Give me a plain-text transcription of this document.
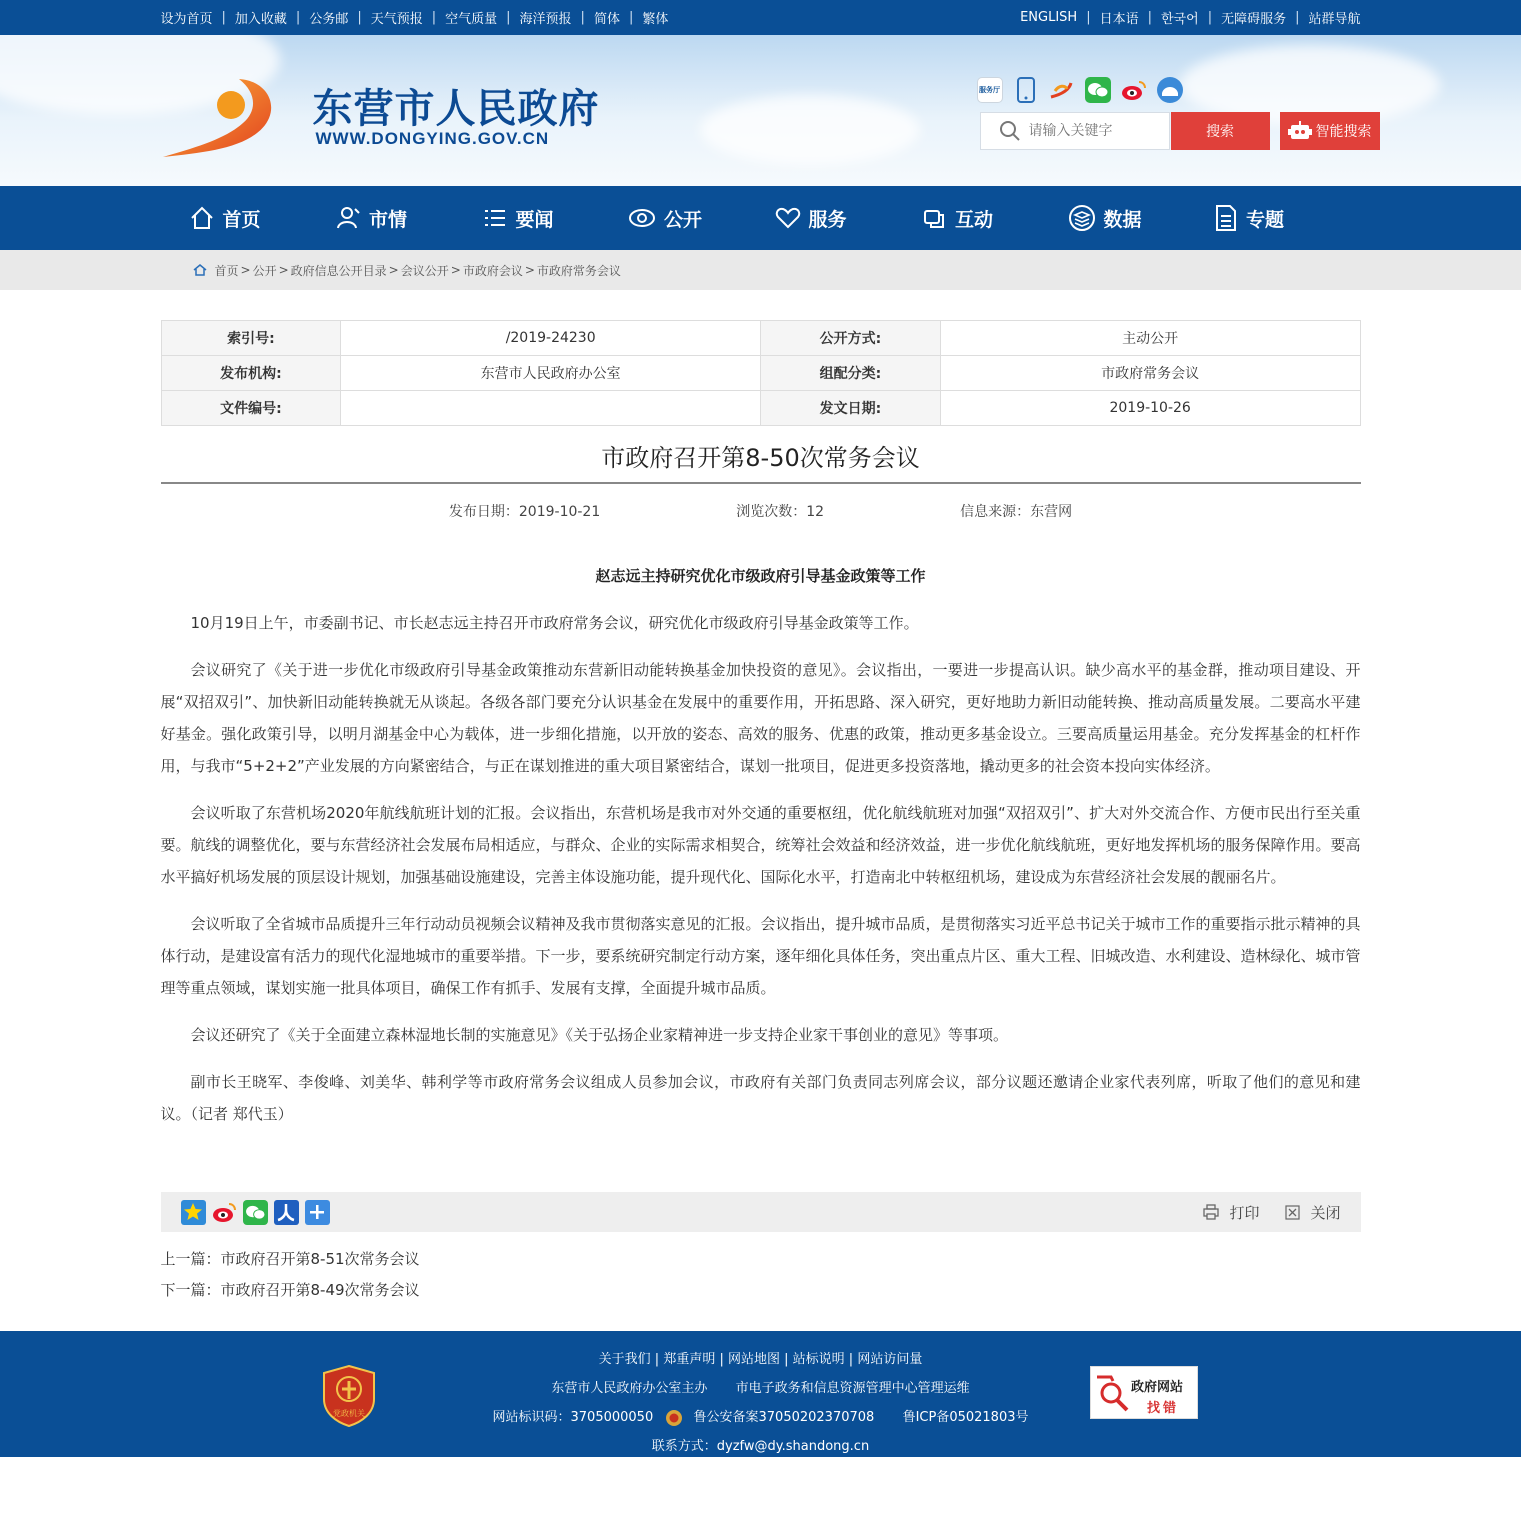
设为首页 | 加入收藏 | 公务邮 | 天气预报 | 空气质量 | 海洋预报 | 简体 | 繁体	ENGLISH | 日本语 | 한국어 | 无障碍服务 | 站群导航
东营市人民政府
WWW.DONGYING.GOV.CN
服务厅
请输入关键字
搜索	智能搜索
首页	市情	要闻	公开	服务	互动	数据	专题
首页 > 公开 > 政府信息公开目录 > 会议公开 > 市政府会议 > 市政府常务会议
索引号:	/2019-24230	公开方式:	主动公开
发布机构:	东营市人民政府办公室	组配分类:	市政府常务会议
文件编号:		发文日期:	2019-10-26
市政府召开第8-50次常务会议
发布日期：2019-10-21	浏览次数：12	信息来源：东营网
赵志远主持研究优化市级政府引导基金政策等工作

10月19日上午，市委副书记、市长赵志远主持召开市政府常务会议，研究优化市级政府引导基金政策等工作。

会议研究了《关于进一步优化市级政府引导基金政策推动东营新旧动能转换基金加快投资的意见》。会议指出，一要进一步提高认识。缺少高水平的基金群，推动项目建设、开展“双招双引”、加快新旧动能转换就无从谈起。各级各部门要充分认识基金在发展中的重要作用，开拓思路、深入研究，更好地助力新旧动能转换、推动高质量发展。二要高水平建好基金。强化政策引导，以明月湖基金中心为载体，进一步细化措施，以开放的姿态、高效的服务、优惠的政策，推动更多基金设立。三要高质量运用基金。充分发挥基金的杠杆作用，与我市“5+2+2”产业发展的方向紧密结合，与正在谋划推进的重大项目紧密结合，谋划一批项目，促进更多投资落地，撬动更多的社会资本投向实体经济。

会议听取了东营机场2020年航线航班计划的汇报。会议指出，东营机场是我市对外交通的重要枢纽，优化航线航班对加强“双招双引”、扩大对外交流合作、方便市民出行至关重要。航线的调整优化，要与东营经济社会发展布局相适应，与群众、企业的实际需求相契合，统筹社会效益和经济效益，进一步优化航线航班，更好地发挥机场的服务保障作用。要高水平搞好机场发展的顶层设计规划，加强基础设施建设，完善主体设施功能，提升现代化、国际化水平，打造南北中转枢纽机场，建设成为东营经济社会发展的靓丽名片。

会议听取了全省城市品质提升三年行动动员视频会议精神及我市贯彻落实意见的汇报。会议指出，提升城市品质，是贯彻落实习近平总书记关于城市工作的重要指示批示精神的具体行动，是建设富有活力的现代化湿地城市的重要举措。下一步，要系统研究制定行动方案，逐年细化具体任务，突出重点片区、重大工程、旧城改造、水利建设、造林绿化、城市管理等重点领域，谋划实施一批具体项目，确保工作有抓手、发展有支撑，全面提升城市品质。

会议还研究了《关于全面建立森林湿地长制的实施意见》《关于弘扬企业家精神进一步支持企业家干事创业的意见》等事项。

副市长王晓军、李俊峰、刘美华、韩利学等市政府常务会议组成人员参加会议，市政府有关部门负责同志列席会议，部分议题还邀请企业家代表列席，听取了他们的意见和建议。（记者 郑代玉）

打印	关闭
上一篇：市政府召开第8-51次常务会议
下一篇：市政府召开第8-49次常务会议
党政机关
关于我们 | 郑重声明 | 网站地图 | 站标说明 | 网站访问量
东营市人民政府办公室主办 市电子政务和信息资源管理中心管理运维
网站标识码：3705000050	鲁公安备案37050202370708 鲁ICP备05021803号
联系方式：dyzfw@dy.shandong.cn
政府网站
找错
